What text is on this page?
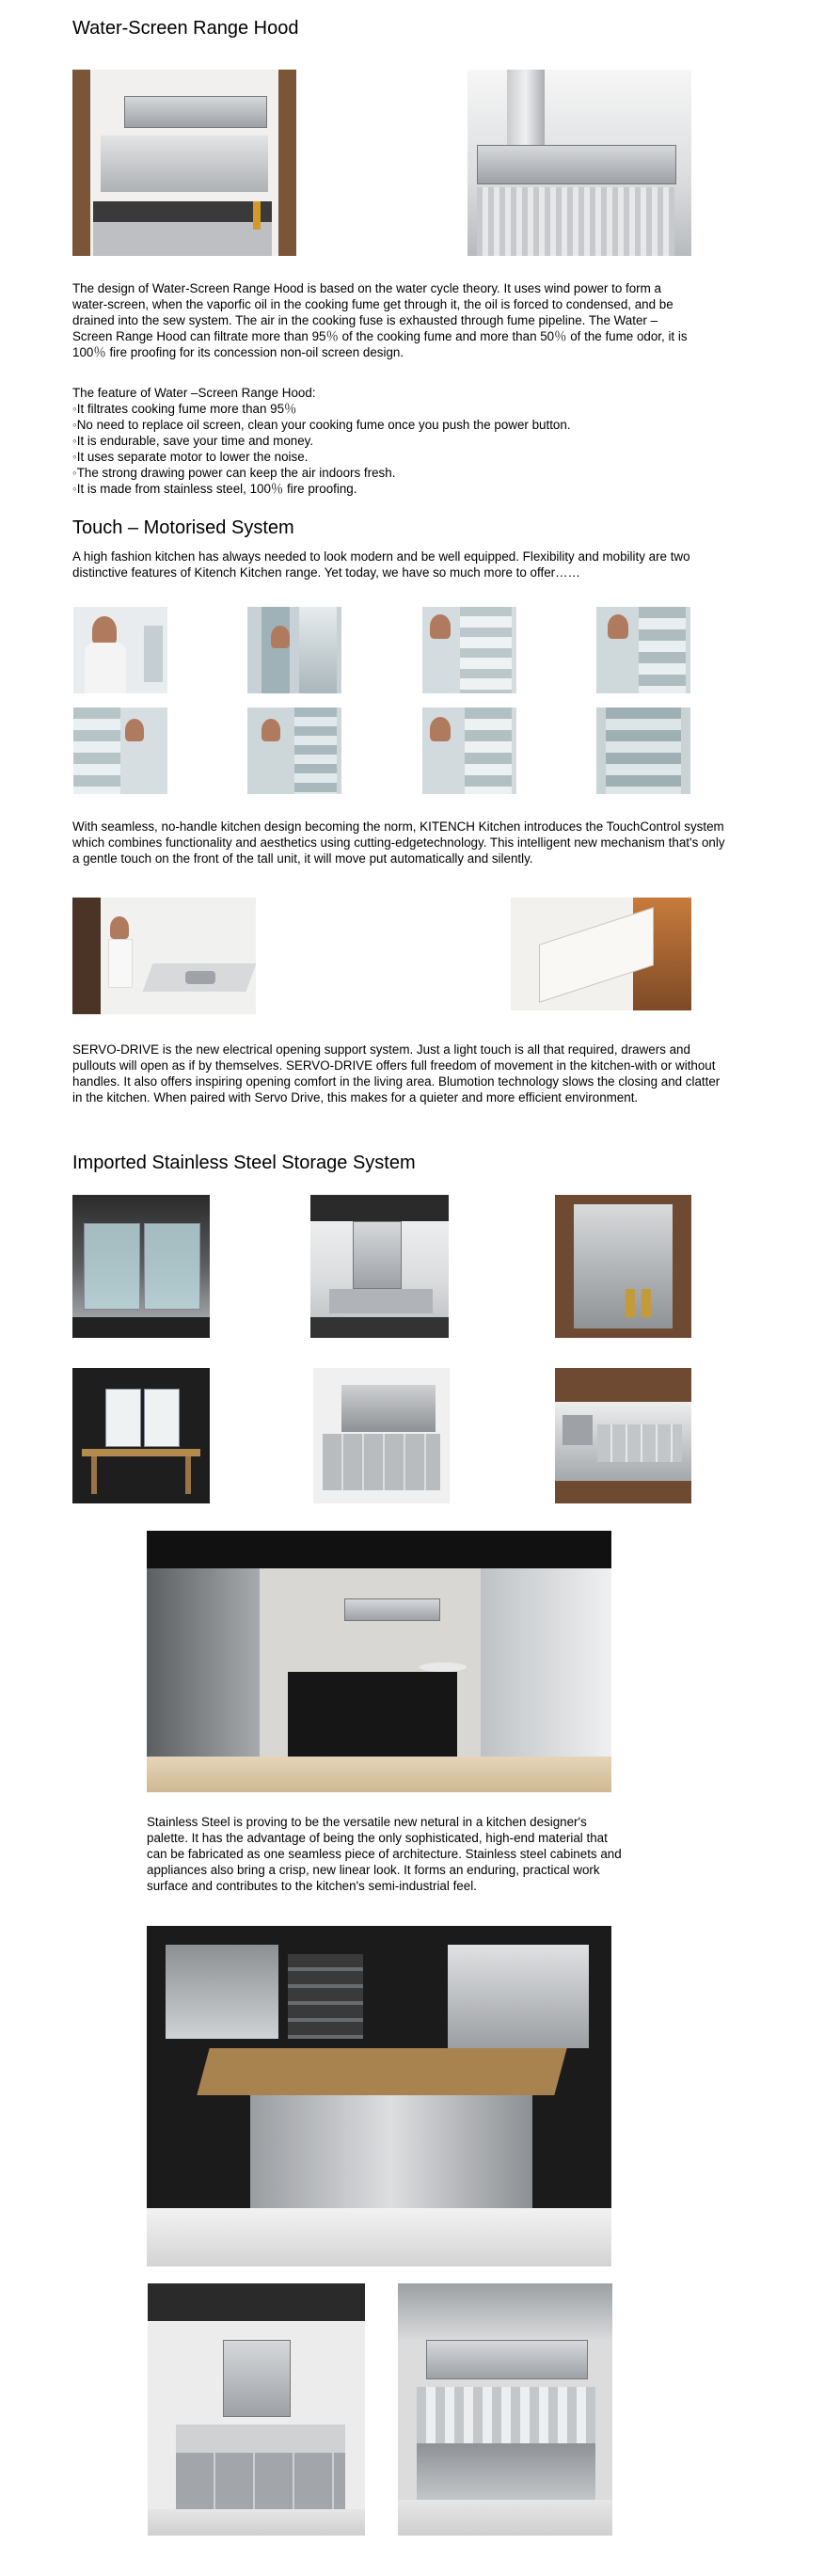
Water-Screen Range Hood

The design of Water-Screen Range Hood is based on the water cycle theory. It uses wind power to form a water-screen, when the vaporfic oil in the cooking fume get through it, the oil is forced to condensed, and be drained into the sew system. The air in the cooking fuse is exhausted through fume pipeline. The Water –Screen Range Hood can filtrate more than 95％ of the cooking fume and more than 50％ of the fume odor, it is 100％ fire proofing for its concession non-oil screen design.

The feature of Water –Screen Range Hood:

◦ It filtrates cooking fume more than 95％
◦ No need to replace oil screen, clean your cooking fume once you push the power button.
◦ It is endurable, save your time and money.
◦ It uses separate motor to lower the noise.
◦ The strong drawing power can keep the air indoors fresh.
◦ It is made from stainless steel, 100％ fire proofing.
Touch – Motorised System

A high fashion kitchen has always needed to look modern and be well equipped. Flexibility and mobility are two distinctive features of Kitench Kitchen range. Yet today, we have so much more to offer……

With seamless, no-handle kitchen design becoming the norm, KITENCH Kitchen introduces the TouchControl system which combines functionality and aesthetics using cutting-edgetechnology. This intelligent new mechanism that's only a gentle touch on the front of the tall unit, it will move put automatically and silently.

SERVO-DRIVE is the new electrical opening support system. Just a light touch is all that required, drawers and pullouts will open as if by themselves. SERVO-DRIVE offers full freedom of movement in the kitchen-with or without handles. It also offers inspiring opening comfort in the living area. Blumotion technology slows the closing and clatter in the kitchen. When paired with Servo Drive, this makes for a quieter and more efficient environment.

Imported Stainless Steel Storage System

Stainless Steel is proving to be the versatile new netural in a kitchen designer's palette. It has the advantage of being the only sophisticated, high-end material that can be fabricated as one seamless piece of architecture. Stainless steel cabinets and appliances also bring a crisp, new linear look. It forms an enduring, practical work surface and contributes to the kitchen's semi-industrial feel.
